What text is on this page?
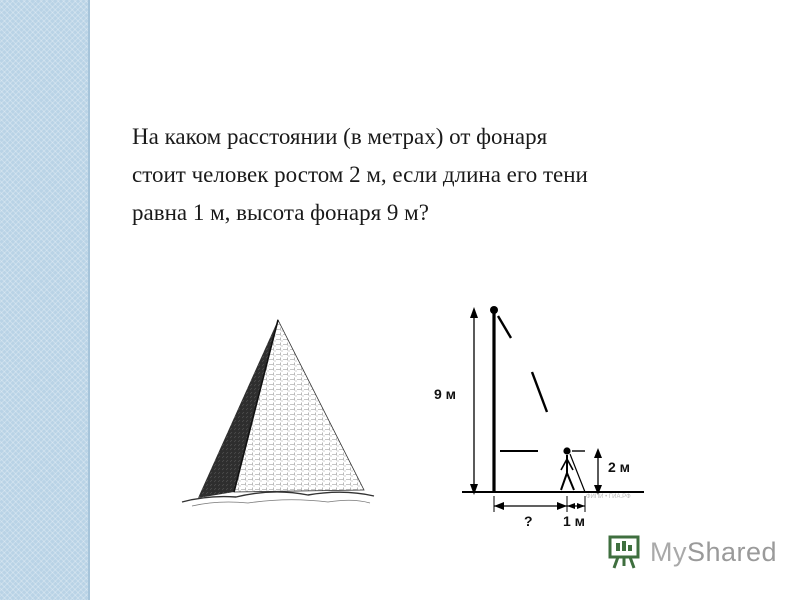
На каком расстоянии (в метрах) от фонаря
стоит человек ростом 2 м, если длина его тени
равна 1 м, высота фонаря 9 м?

9 м
2 м
? 1 м
ФИПИ • ГИА.РФ
MyShared
